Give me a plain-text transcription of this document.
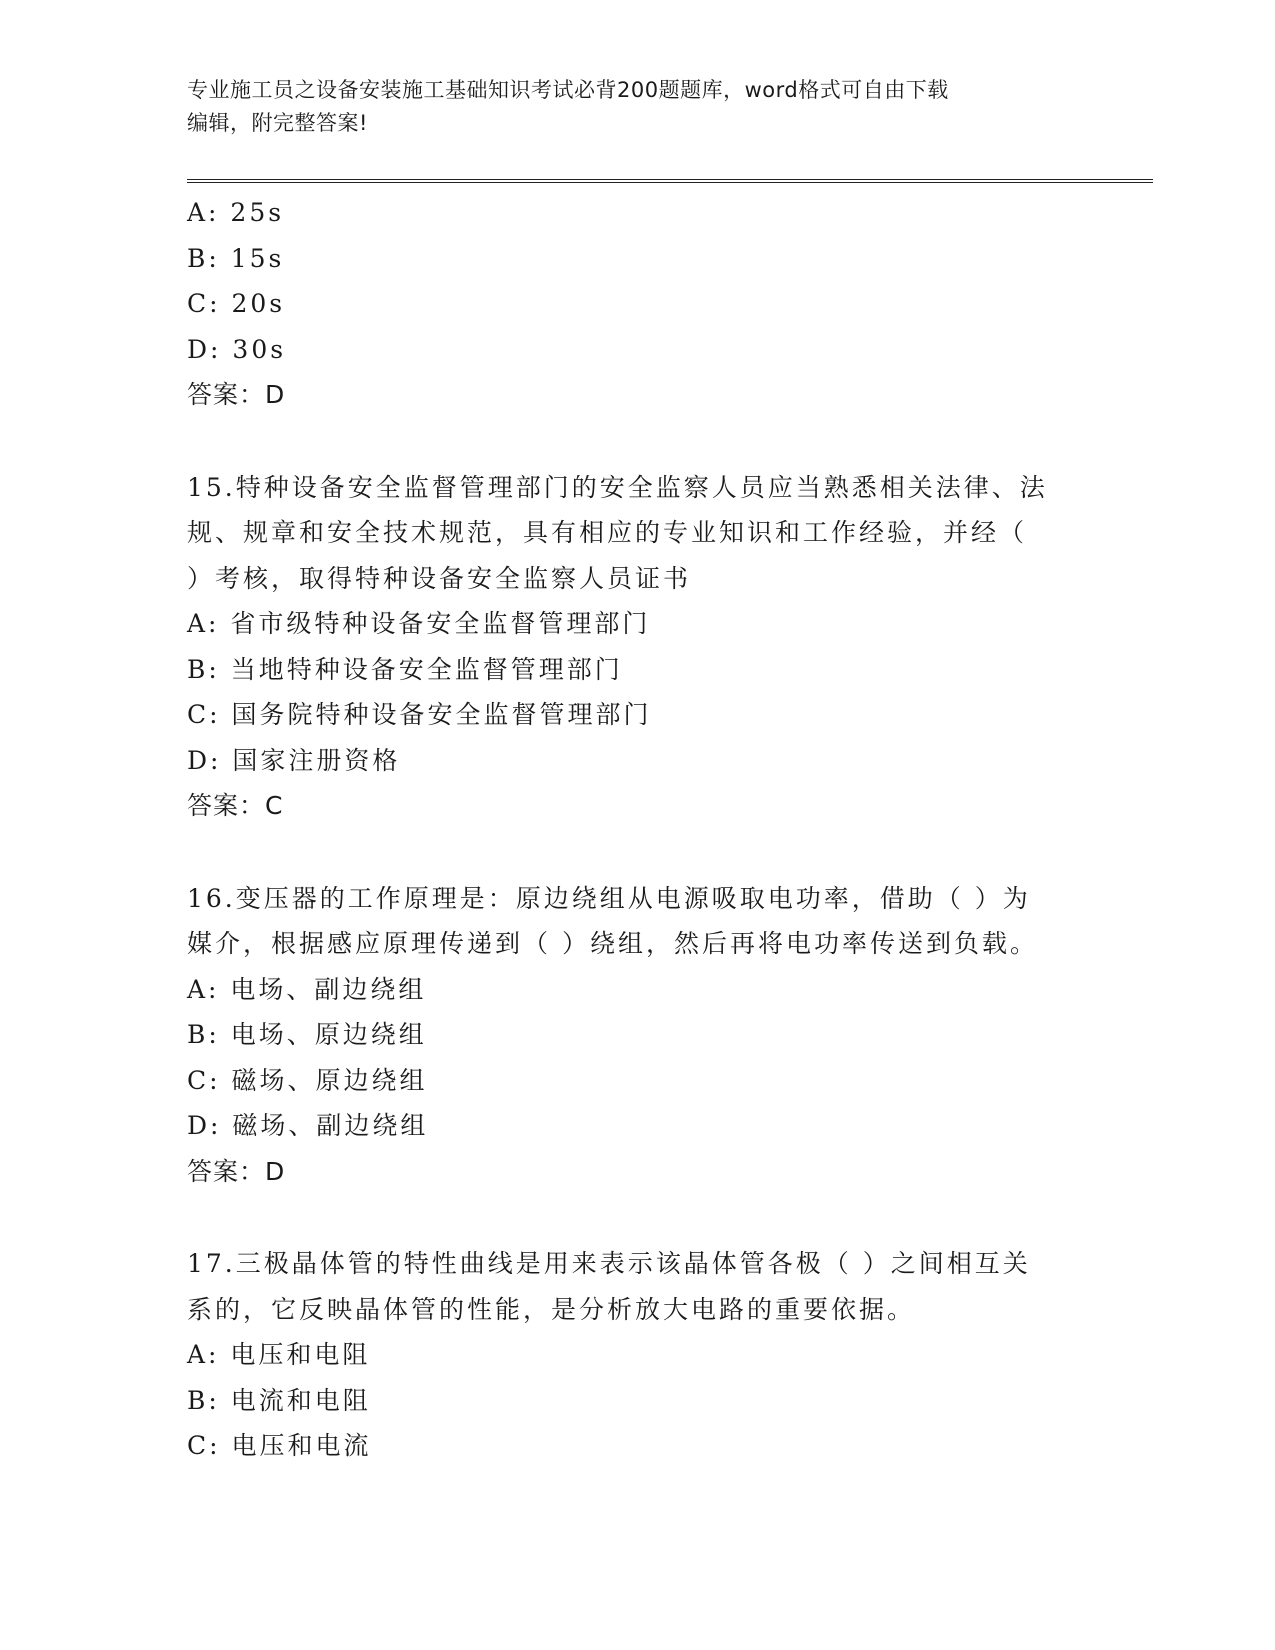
专业施工员之设备安装施工基础知识考试必背200题题库，word格式可自由下载
编辑，附完整答案!
A: 25s
B: 15s
C: 20s
D: 30s
答案：D
15.特种设备安全监督管理部门的安全监察人员应当熟悉相关法律、法
规、规章和安全技术规范，具有相应的专业知识和工作经验，并经（
）考核，取得特种设备安全监察人员证书
A: 省市级特种设备安全监督管理部门
B: 当地特种设备安全监督管理部门
C: 国务院特种设备安全监督管理部门
D: 国家注册资格
答案：C
16.变压器的工作原理是：原边绕组从电源吸取电功率，借助（ ）为
媒介，根据感应原理传递到（ ）绕组，然后再将电功率传送到负载。
A: 电场、副边绕组
B: 电场、原边绕组
C: 磁场、原边绕组
D: 磁场、副边绕组
答案：D
17.三极晶体管的特性曲线是用来表示该晶体管各极（ ）之间相互关
系的，它反映晶体管的性能，是分析放大电路的重要依据。
A: 电压和电阻
B: 电流和电阻
C: 电压和电流
